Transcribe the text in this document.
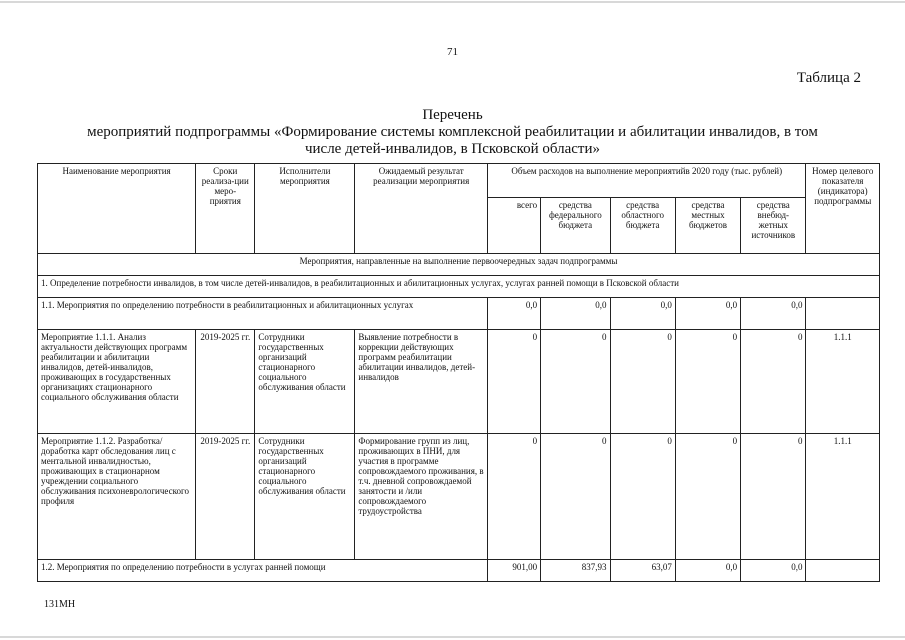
71
Таблица 2
Перечень
мероприятий подпрограммы «Формирование системы комплексной реабилитации и абилитации инвалидов, в том
числе детей-инвалидов, в Псковской области»
Наименование мероприятия	Сроки реализа-ции меро-приятия	Исполнители мероприятия	Ожидаемый результат реализации мероприятия	Объем расходов на выполнение мероприятийв 2020 году (тыс. рублей)					Номер целевого показателя (индикатора) подпрограммы
				всего	средства федерального бюджета	средства областного бюджета	средства местных бюджетов	средства внебюд-жетных источников	
Мероприятия, направленные на выполнение первоочередных задач подпрограммы									
1. Определение потребности инвалидов, в том числе детей-инвалидов, в реабилитационных и абилитационных услугах, услугах ранней помощи в Псковской области									
1.1. Мероприятия по определению потребности в реабилитационных и абилитационных услугах				0,0	0,0	0,0	0,0	0,0	
Мероприятие 1.1.1. Анализ актуальности действующих программ реабилитации и абилитации инвалидов, детей-инвалидов, проживающих в государственных организациях стационарного социального обслуживания области	2019-2025 гг.	Сотрудники государственных организаций стационарного социального обслуживания области	Выявление потребности в коррекции действующих программ реабилитации абилитации инвалидов, детей-инвалидов	0	0	0	0	0	1.1.1
Мероприятие 1.1.2. Разработка/доработка карт обследования лиц с ментальной инвалидностью, проживающих в стационарном учреждении социального обслуживания психоневрологического профиля	2019-2025 гг.	Сотрудники государственных организаций стационарного социального обслуживания области	Формирование групп из лиц, проживающих в ПНИ, для участия в программе сопровождаемого проживания, в т.ч. дневной сопровождаемой занятости и /или сопровождаемого трудоустройства	0	0	0	0	0	1.1.1
1.2. Мероприятия по определению потребности в услугах ранней помощи				901,00	837,93	63,07	0,0	0,0	
131МН
